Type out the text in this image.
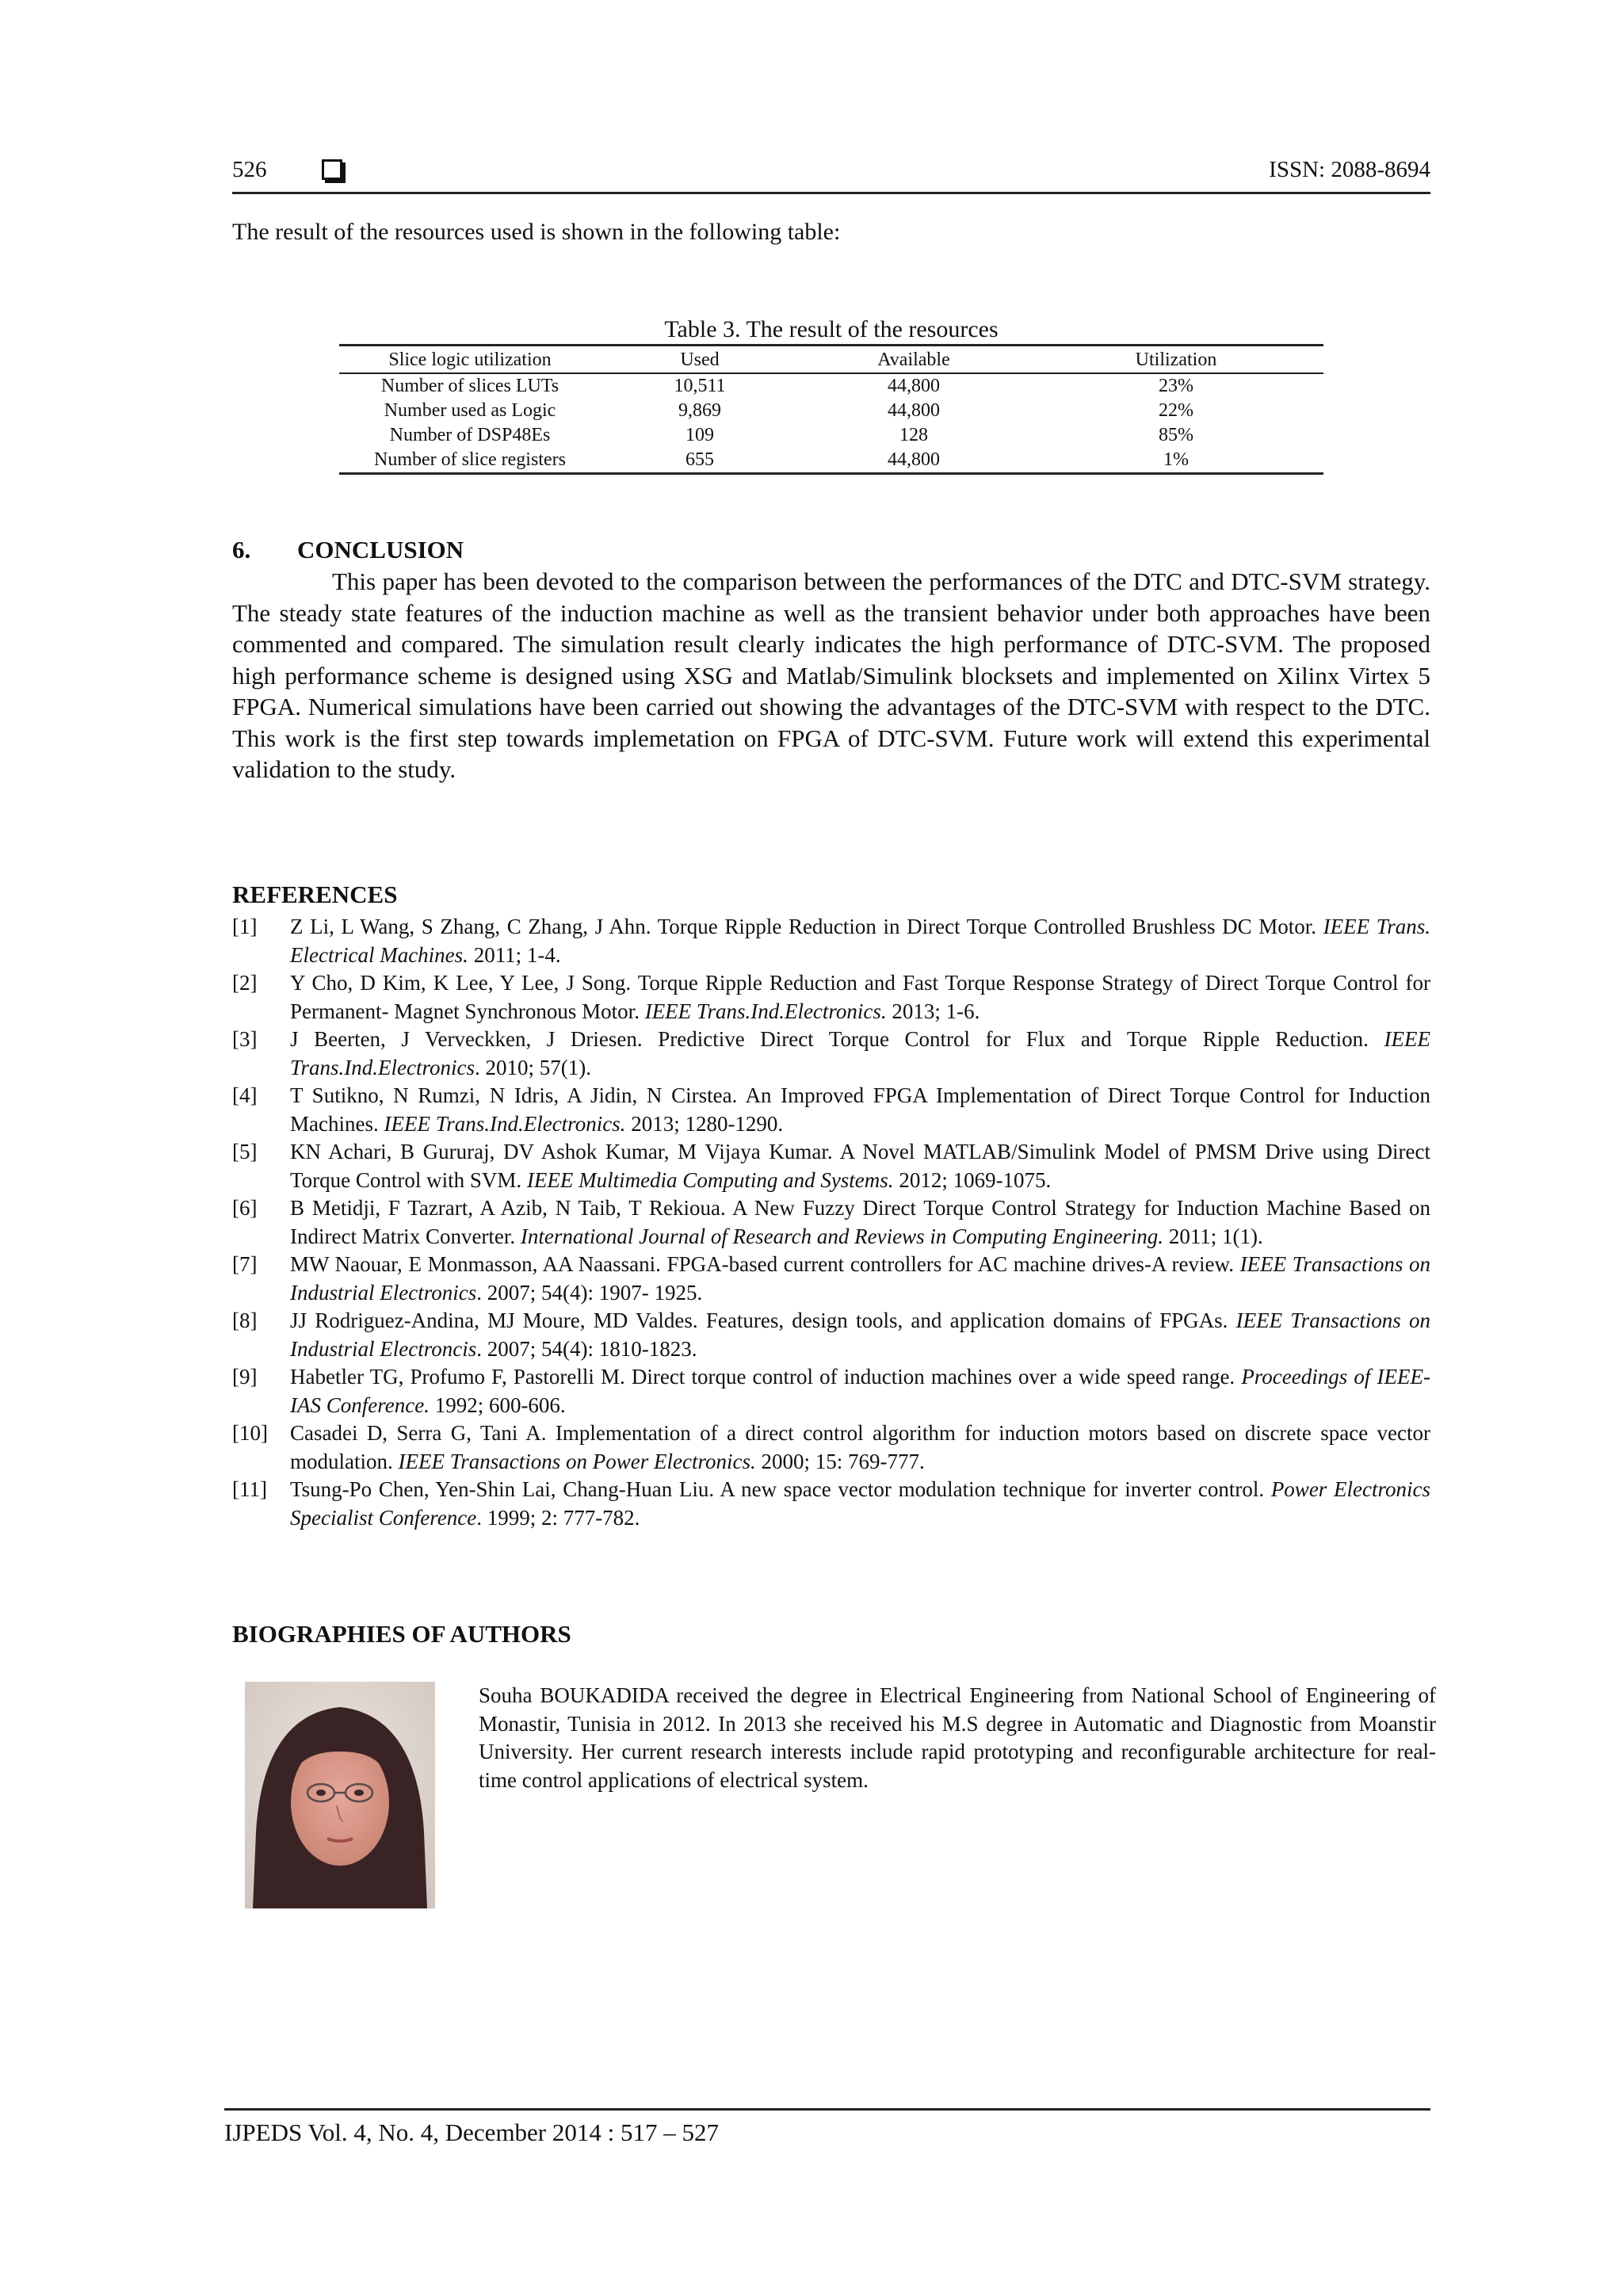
526	ISSN: 2088-8694
The result of the resources used is shown in the following table:
Table 3. The result of the resources
Slice logic utilization	Used	Available	Utilization
Number of slices LUTs	10,511	44,800	23%
Number used as Logic	9,869	44,800	22%
Number of DSP48Es	109	128	85%
Number of slice registers	655	44,800	1%
6. CONCLUSION

This paper has been devoted to the comparison between the performances of the DTC and DTC-SVM strategy. The steady state features of the induction machine as well as the transient behavior under both approaches have been commented and compared. The simulation result clearly indicates the high performance of DTC-SVM. The proposed high performance scheme is designed using XSG and Matlab/Simulink blocksets and implemented on Xilinx Virtex 5 FPGA. Numerical simulations have been carried out showing the advantages of the DTC-SVM with respect to the DTC. This work is the first step towards implemetation on FPGA of DTC-SVM. Future work will extend this experimental validation to the study.

REFERENCES
[1]	Z Li, L Wang, S Zhang, C Zhang, J Ahn. Torque Ripple Reduction in Direct Torque Controlled Brushless DC Motor. IEEE Trans. Electrical Machines. 2011; 1-4.
[2]	Y Cho, D Kim, K Lee, Y Lee, J Song. Torque Ripple Reduction and Fast Torque Response Strategy of Direct Torque Control for Permanent- Magnet Synchronous Motor. IEEE Trans.Ind.Electronics. 2013; 1-6.
[3]	J Beerten, J Verveckken, J Driesen. Predictive Direct Torque Control for Flux and Torque Ripple Reduction. IEEE Trans.Ind.Electronics. 2010; 57(1).
[4]	T Sutikno, N Rumzi, N Idris, A Jidin, N Cirstea. An Improved FPGA Implementation of Direct Torque Control for Induction Machines. IEEE Trans.Ind.Electronics. 2013; 1280-1290.
[5]	KN Achari, B Gururaj, DV Ashok Kumar, M Vijaya Kumar. A Novel MATLAB/Simulink Model of PMSM Drive using Direct Torque Control with SVM. IEEE Multimedia Computing and Systems. 2012; 1069-1075.
[6]	B Metidji, F Tazrart, A Azib, N Taib, T Rekioua. A New Fuzzy Direct Torque Control Strategy for Induction Machine Based on Indirect Matrix Converter. International Journal of Research and Reviews in Computing Engineering. 2011; 1(1).
[7]	MW Naouar, E Monmasson, AA Naassani. FPGA-based current controllers for AC machine drives-A review. IEEE Transactions on Industrial Electronics. 2007; 54(4): 1907- 1925.
[8]	JJ Rodriguez-Andina, MJ Moure, MD Valdes. Features, design tools, and application domains of FPGAs. IEEE Transactions on Industrial Electroncis. 2007; 54(4): 1810-1823.
[9]	Habetler TG, Profumo F, Pastorelli M. Direct torque control of induction machines over a wide speed range. Proceedings of IEEE-IAS Conference. 1992; 600-606.
[10]	Casadei D, Serra G, Tani A. Implementation of a direct control algorithm for induction motors based on discrete space vector modulation. IEEE Transactions on Power Electronics. 2000; 15: 769-777.
[11]	Tsung-Po Chen, Yen-Shin Lai, Chang-Huan Liu. A new space vector modulation technique for inverter control. Power Electronics Specialist Conference. 1999; 2: 777-782.
BIOGRAPHIES OF AUTHORS
Souha BOUKADIDA received the degree in Electrical Engineering from National School of Engineering of Monastir, Tunisia in 2012. In 2013 she received his M.S degree in Automatic and Diagnostic from Moanstir University. Her current research interests include rapid prototyping and reconfigurable architecture for real-time control applications of electrical system.
IJPEDS Vol. 4, No. 4, December 2014 : 517 – 527
